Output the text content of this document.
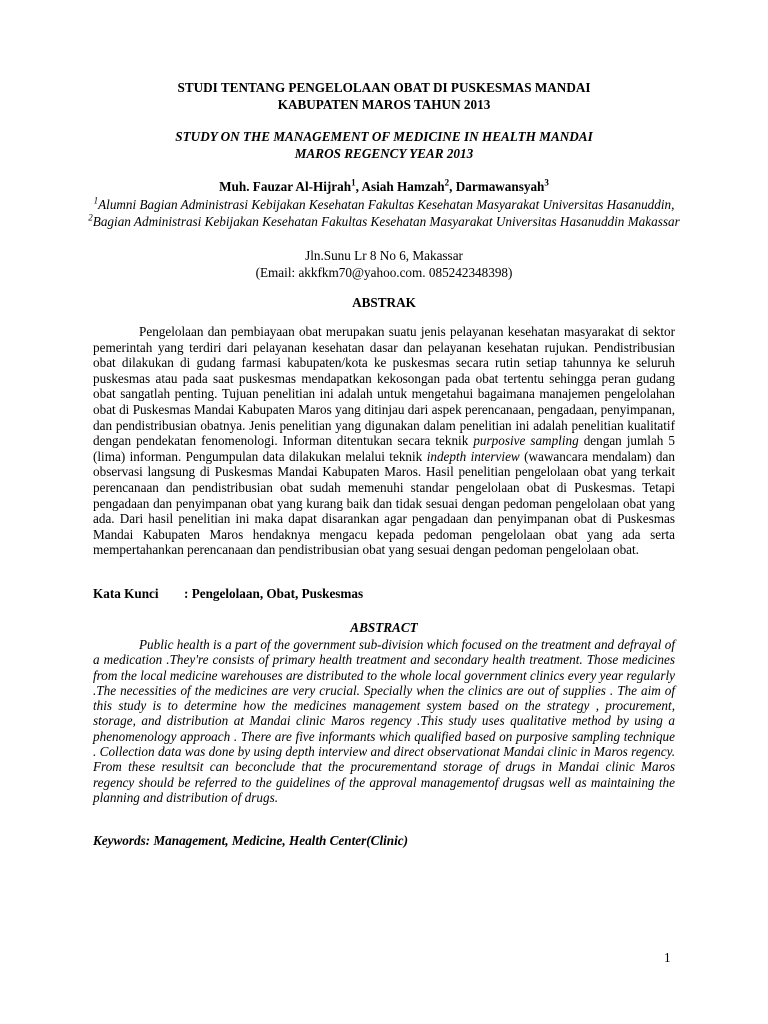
STUDI TENTANG PENGELOLAAN OBAT DI PUSKESMAS MANDAI
KABUPATEN MAROS TAHUN 2013
STUDY ON THE MANAGEMENT OF MEDICINE IN HEALTH MANDAI
MAROS REGENCY YEAR 2013
Muh. Fauzar Al-Hijrah$^1$, Asiah Hamzah$^2$, Darmawansyah$^3$
$^1$Alumni Bagian Administrasi Kebijakan Kesehatan Fakultas Kesehatan Masyarakat Universitas Hasanuddin, $^2$Bagian Administrasi Kebijakan Kesehatan Fakultas Kesehatan Masyarakat Universitas Hasanuddin Makassar
Jln.Sunu Lr 8 No 6, Makassar
(Email: akkfkm70@yahoo.com. 085242348398)
ABSTRAK

Pengelolaan dan pembiayaan obat merupakan suatu jenis pelayanan kesehatan masyarakat di sektor pemerintah yang terdiri dari pelayanan kesehatan dasar dan pelayanan kesehatan rujukan. Pendistribusian obat dilakukan di gudang farmasi kabupaten/kota ke puskesmas secara rutin setiap tahunnya ke seluruh puskesmas atau pada saat puskesmas mendapatkan kekosongan pada obat tertentu sehingga peran gudang obat sangatlah penting. Tujuan penelitian ini adalah untuk mengetahui bagaimana manajemen pengelolahan obat di Puskesmas Mandai Kabupaten Maros yang ditinjau dari aspek perencanaan, pengadaan, penyimpanan, dan pendistribusian obatnya. Jenis penelitian yang digunakan dalam penelitian ini adalah penelitian kualitatif dengan pendekatan fenomenologi. Informan ditentukan secara teknik purposive sampling dengan jumlah 5 (lima) informan. Pengumpulan data dilakukan melalui teknik indepth interview (wawancara mendalam) dan observasi langsung di Puskesmas Mandai Kabupaten Maros. Hasil penelitian pengelolaan obat yang terkait perencanaan dan pendistribusian obat sudah memenuhi standar pengelolaan obat di Puskesmas. Tetapi pengadaan dan penyimpanan obat yang kurang baik dan tidak sesuai dengan pedoman pengelolaan obat yang ada. Dari hasil penelitian ini maka dapat disarankan agar pengadaan dan penyimpanan obat di Puskesmas Mandai Kabupaten Maros hendaknya mengacu kepada pedoman pengelolaan obat yang ada serta mempertahankan perencanaan dan pendistribusian obat yang sesuai dengan pedoman pengelolaan obat.

Kata Kunci : Pengelolaan, Obat, Puskesmas
ABSTRACT

Public health is a part of the government sub-division which focused on the treatment and defrayal of a medication .They're consists of primary health treatment and secondary health treatment. Those medicines from the local medicine warehouses are distributed to the whole local government clinics every year regularly .The necessities of the medicines are very crucial. Specially when the clinics are out of supplies . The aim of this study is to determine how the medicines management system based on the strategy , procurement, storage, and distribution at Mandai clinic Maros regency .This study uses qualitative method by using a phenomenology approach . There are five informants which qualified based on purposive sampling technique . Collection data was done by using depth interview and direct observationat Mandai clinic in Maros regency. From these resultsit can beconclude that the procurementand storage of drugs in Mandai clinic Maros regency should be referred to the guidelines of the approval managementof drugsas well as maintaining the planning and distribution of drugs.

Keywords: Management, Medicine, Health Center(Clinic)
1
